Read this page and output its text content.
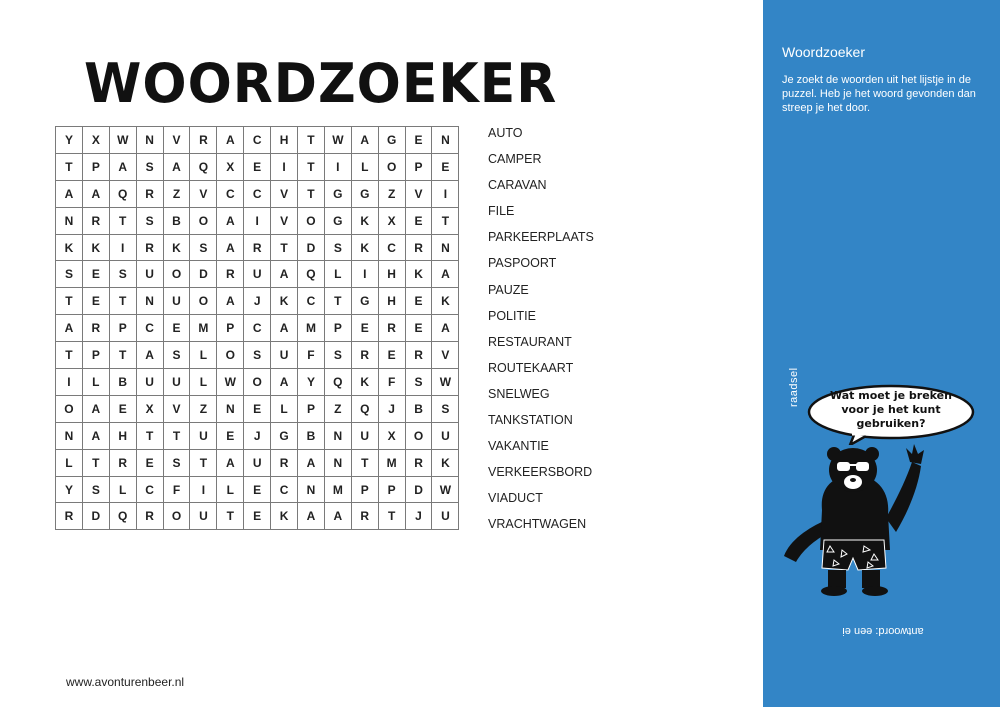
WOORDZOEKER
Y	X	W	N	V	R	A	C	H	T	W	A	G	E	N
T	P	A	S	A	Q	X	E	I	T	I	L	O	P	E
A	A	Q	R	Z	V	C	C	V	T	G	G	Z	V	I
N	R	T	S	B	O	A	I	V	O	G	K	X	E	T
K	K	I	R	K	S	A	R	T	D	S	K	C	R	N
S	E	S	U	O	D	R	U	A	Q	L	I	H	K	A
T	E	T	N	U	O	A	J	K	C	T	G	H	E	K
A	R	P	C	E	M	P	C	A	M	P	E	R	E	A
T	P	T	A	S	L	O	S	U	F	S	R	E	R	V
I	L	B	U	U	L	W	O	A	Y	Q	K	F	S	W
O	A	E	X	V	Z	N	E	L	P	Z	Q	J	B	S
N	A	H	T	T	U	E	J	G	B	N	U	X	O	U
L	T	R	E	S	T	A	U	R	A	N	T	M	R	K
Y	S	L	C	F	I	L	E	C	N	M	P	P	D	W
R	D	Q	R	O	U	T	E	K	A	A	R	T	J	U
AUTO
CAMPER
CARAVAN
FILE
PARKEERPLAATS
PASPOORT
PAUZE
POLITIE
RESTAURANT
ROUTEKAART
SNELWEG
TANKSTATION
VAKANTIE
VERKEERSBORD
VIADUCT
VRACHTWAGEN
www.avonturenbeer.nl
Woordzoeker
Je zoekt de woorden uit het lijstje in de puzzel. Heb je het woord gevonden dan streep je het door.
raadsel	Wat moet je breken voor je het kunt gebruiken?
antwoord: een ei
